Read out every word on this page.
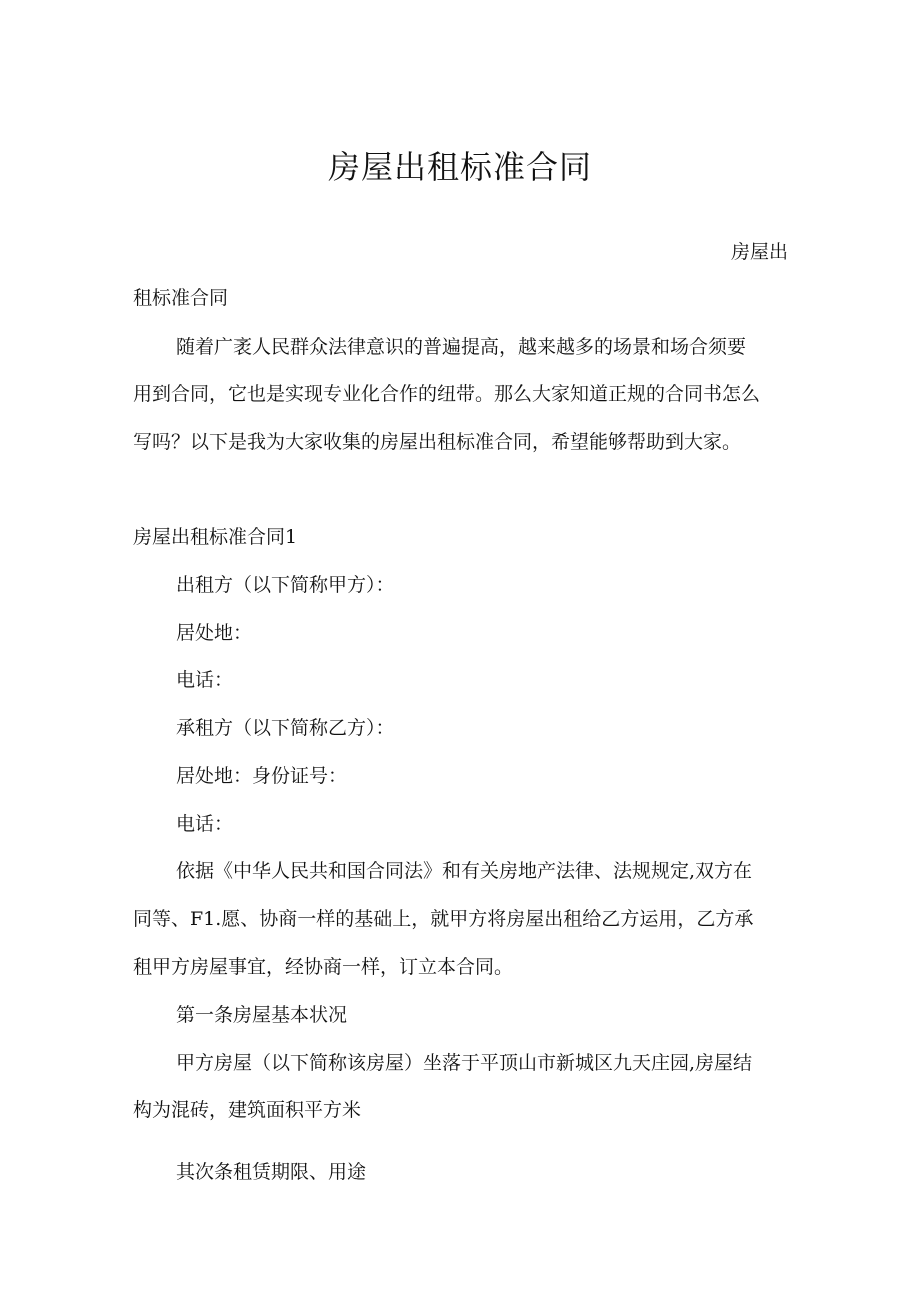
房屋出租标准合同
房屋出
租标准合同
随着广袤人民群众法律意识的普遍提高，越来越多的场景和场合须要
用到合同，它也是实现专业化合作的纽带。那么大家知道正规的合同书怎么
写吗？以下是我为大家收集的房屋出租标准合同，希望能够帮助到大家。
房屋出租标准合同1
出租方（以下简称甲方）：
居处地：
电话：
承租方（以下简称乙方）：
居处地：身份证号：
电话：
依据《中华人民共和国合同法》和有关房地产法律、法规规定,双方在
同等、F1.愿、协商一样的基础上，就甲方将房屋出租给乙方运用，乙方承
租甲方房屋事宜，经协商一样，订立本合同。
第一条房屋基本状况
甲方房屋（以下简称该房屋）坐落于平顶山市新城区九天庄园,房屋结
构为混砖，建筑面积平方米
其次条租赁期限、用途
